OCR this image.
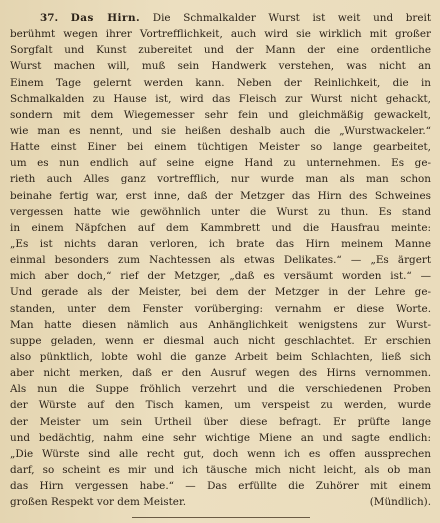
37. Das Hirn. Die Schmalkalder Wurst ist weit und breit
berühmt wegen ihrer Vortrefflichkeit, auch wird sie wirklich mit großer
Sorgfalt und Kunst zubereitet und der Mann der eine ordentliche
Wurst machen will, muß sein Handwerk verstehen, was nicht an
Einem Tage gelernt werden kann. Neben der Reinlichkeit, die in
Schmalkalden zu Hause ist, wird das Fleisch zur Wurst nicht gehackt,
sondern mit dem Wiegemesser sehr fein und gleichmäßig gewackelt,
wie man es nennt, und sie heißen deshalb auch die „Wurstwackeler.“
Hatte einst Einer bei einem tüchtigen Meister so lange gearbeitet,
um es nun endlich auf seine eigne Hand zu unternehmen. Es ge-
rieth auch Alles ganz vortrefflich, nur wurde man als man schon
beinahe fertig war, erst inne, daß der Metzger das Hirn des Schweines
vergessen hatte wie gewöhnlich unter die Wurst zu thun. Es stand
in einem Näpfchen auf dem Kammbrett und die Hausfrau meinte:
„Es ist nichts daran verloren, ich brate das Hirn meinem Manne
einmal besonders zum Nachtessen als etwas Delikates.“ — „Es ärgert
mich aber doch,“ rief der Metzger, „daß es versäumt worden ist.“ —
Und gerade als der Meister, bei dem der Metzger in der Lehre ge-
standen, unter dem Fenster vorüberging: vernahm er diese Worte.
Man hatte diesen nämlich aus Anhänglichkeit wenigstens zur Wurst-
suppe geladen, wenn er diesmal auch nicht geschlachtet. Er erschien
also pünktlich, lobte wohl die ganze Arbeit beim Schlachten, ließ sich
aber nicht merken, daß er den Ausruf wegen des Hirns vernommen.
Als nun die Suppe fröhlich verzehrt und die verschiedenen Proben
der Würste auf den Tisch kamen, um verspeist zu werden, wurde
der Meister um sein Urtheil über diese befragt. Er prüfte lange
und bedächtig, nahm eine sehr wichtige Miene an und sagte endlich:
„Die Würste sind alle recht gut, doch wenn ich es offen aussprechen
darf, so scheint es mir und ich täusche mich nicht leicht, als ob man
das Hirn vergessen habe.“ — Das erfüllte die Zuhörer mit einem
großen Respekt vor dem Meister.	(Mündlich).
